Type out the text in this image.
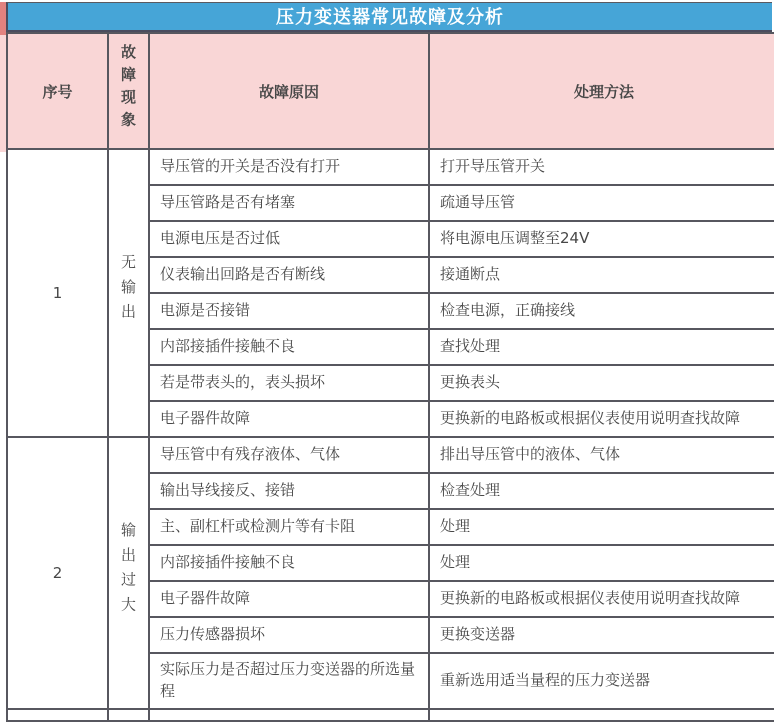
压力变送器常见故障及分析
序号	故障现象	故障原因	处理方法
1	无输出	导压管的开关是否没有打开	打开导压管开关
		导压管路是否有堵塞	疏通导压管
		电源电压是否过低	将电源电压调整至24V
		仪表输出回路是否有断线	接通断点
		电源是否接错	检查电源，正确接线
		内部接插件接触不良	查找处理
		若是带表头的，表头损坏	更换表头
		电子器件故障	更换新的电路板或根据仪表使用说明查找故障
2	输出过大	导压管中有残存液体、气体	排出导压管中的液体、气体
		输出导线接反、接错	检查处理
		主、副杠杆或检测片等有卡阻	处理
		内部接插件接触不良	处理
		电子器件故障	更换新的电路板或根据仪表使用说明查找故障
		压力传感器损坏	更换变送器
		实际压力是否超过压力变送器的所选量程	重新选用适当量程的压力变送器
